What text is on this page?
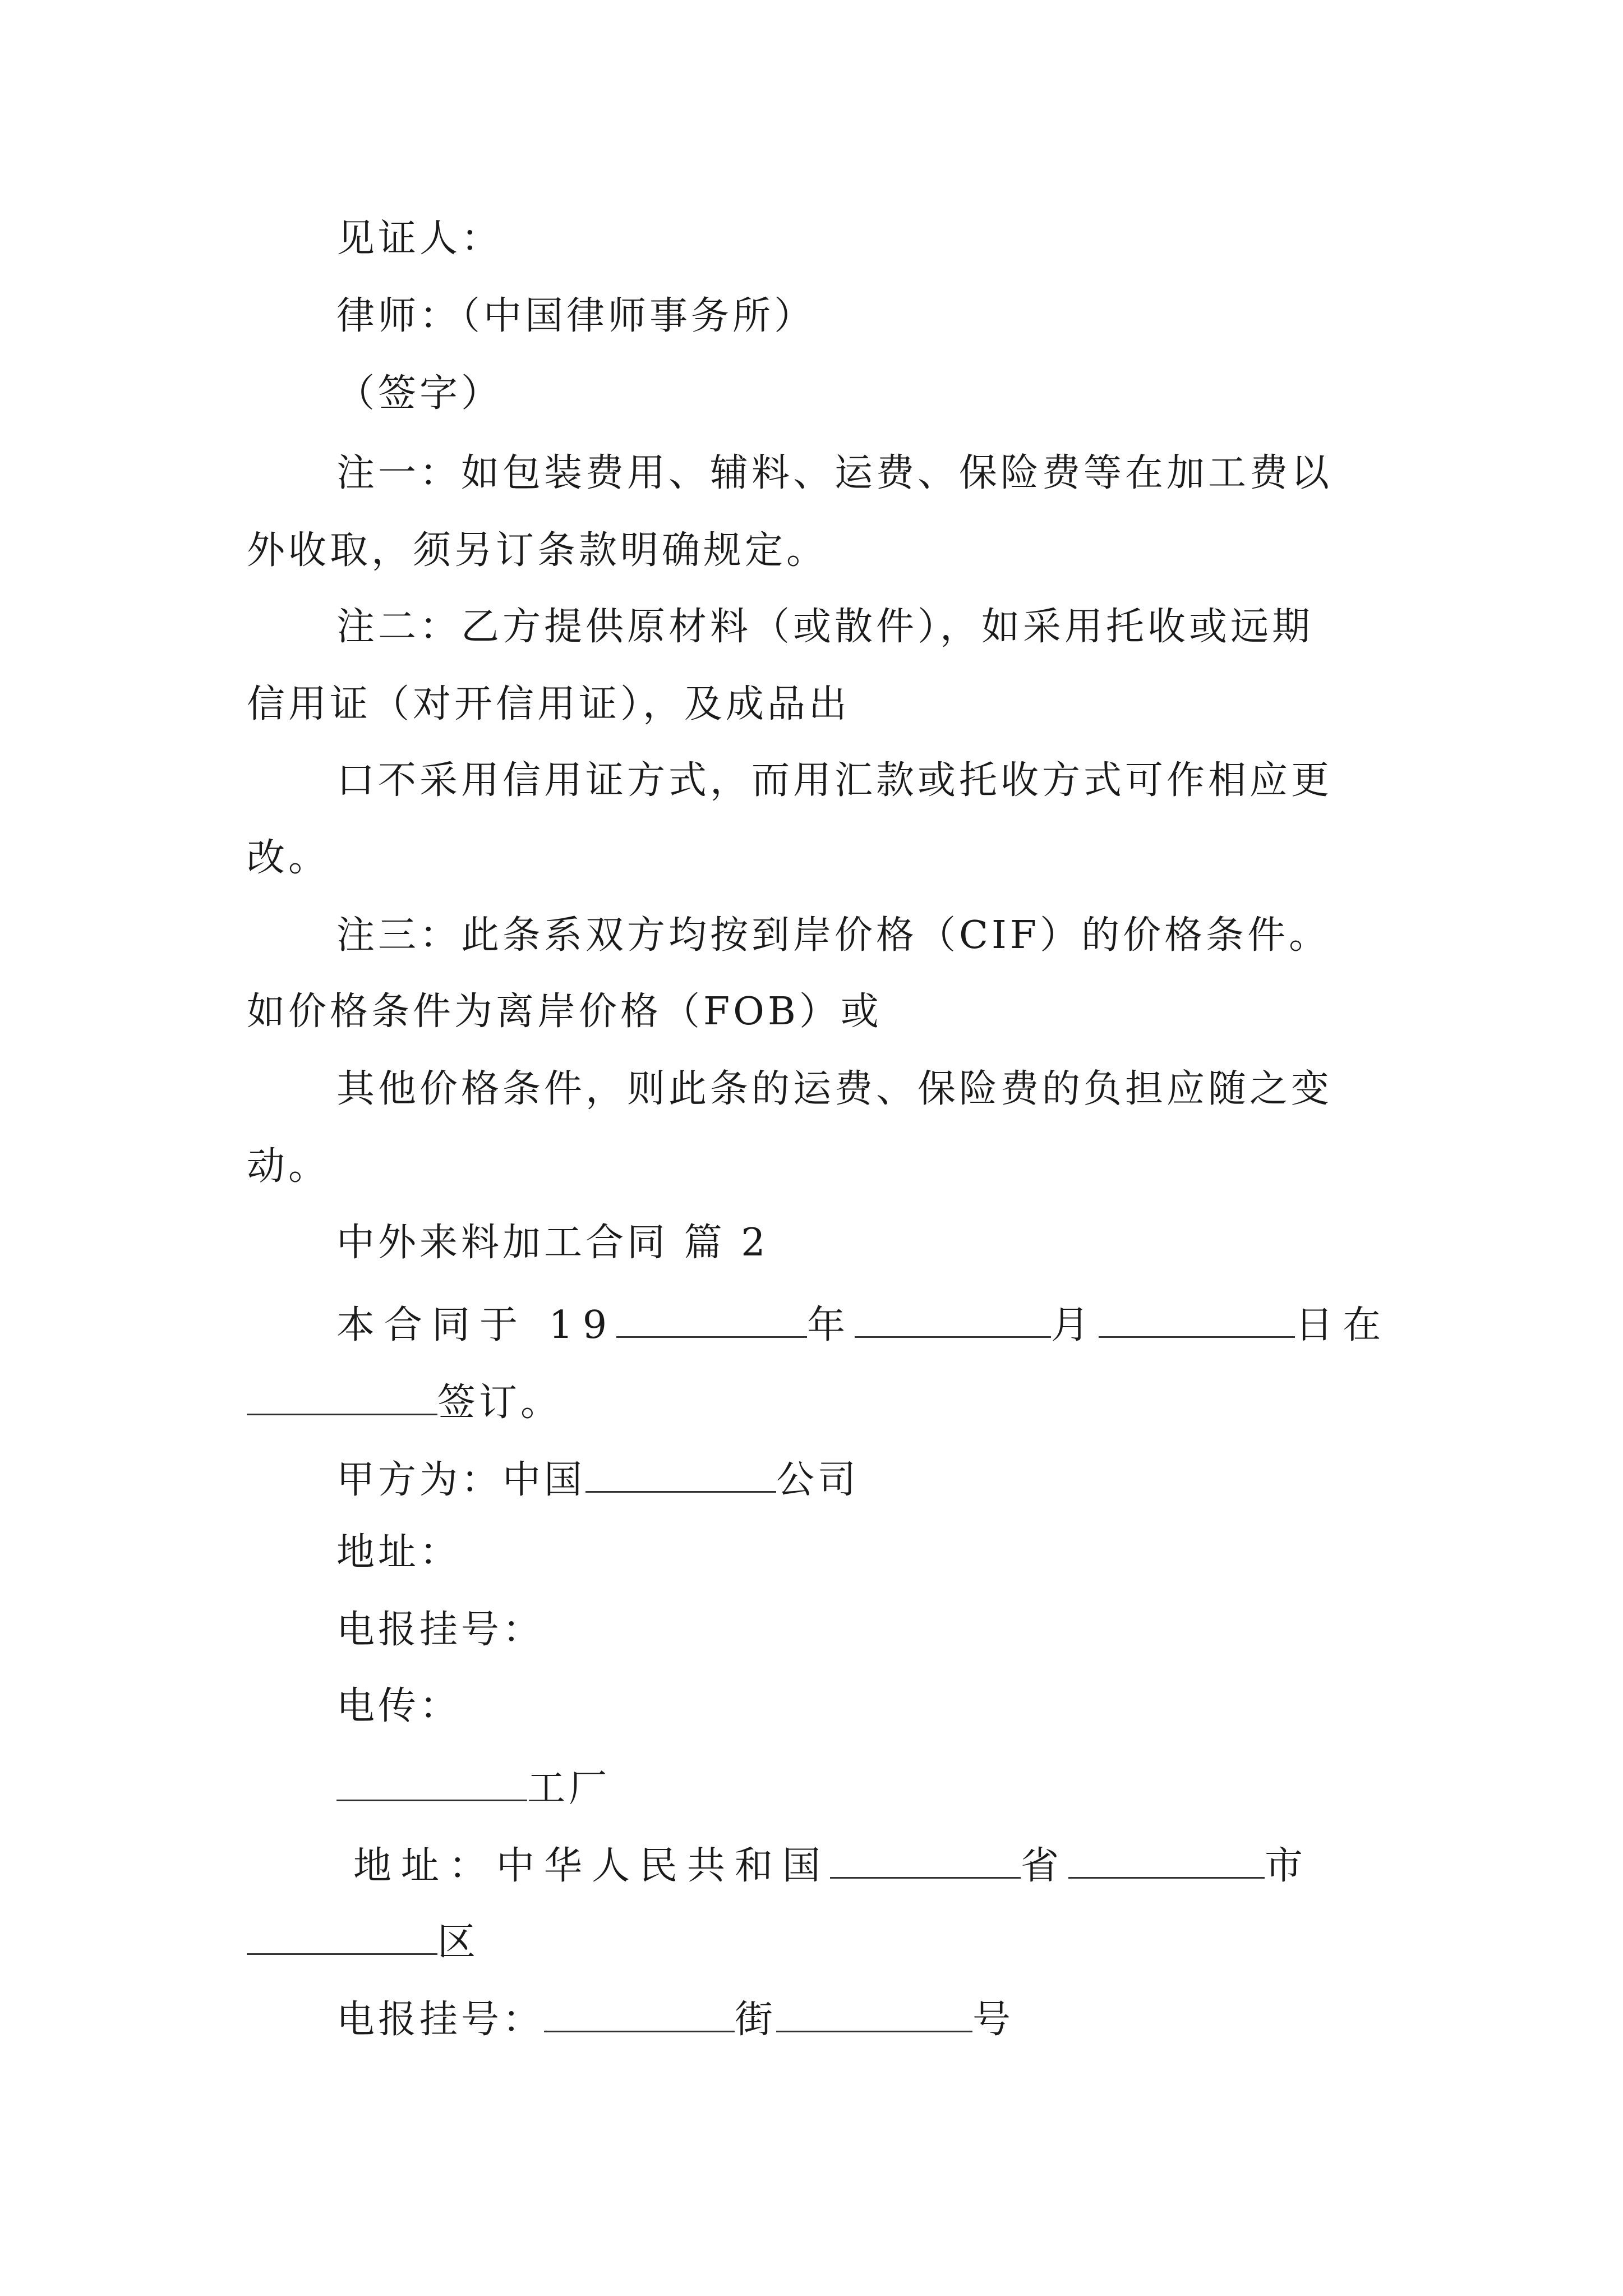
见证人：
律师：（中国律师事务所）
（签字）
注一：如包装费用、辅料、运费、保险费等在加工费以
外收取，须另订条款明确规定。
注二：乙方提供原材料（或散件），如采用托收或远期
信用证（对开信用证），及成品出
口不采用信用证方式，而用汇款或托收方式可作相应更
改。
注三：此条系双方均按到岸价格（CIF）的价格条件。
如价格条件为离岸价格（FOB）或
其他价格条件，则此条的运费、保险费的负担应随之变
动。
中外来料加工合同 篇 2
本合同于 19	年	月	日在
签订。
甲方为：中国	公司
地址：
电报挂号：
电传：
工厂
地址：中华人民共和国	省	市
区
电报挂号：	街	号
